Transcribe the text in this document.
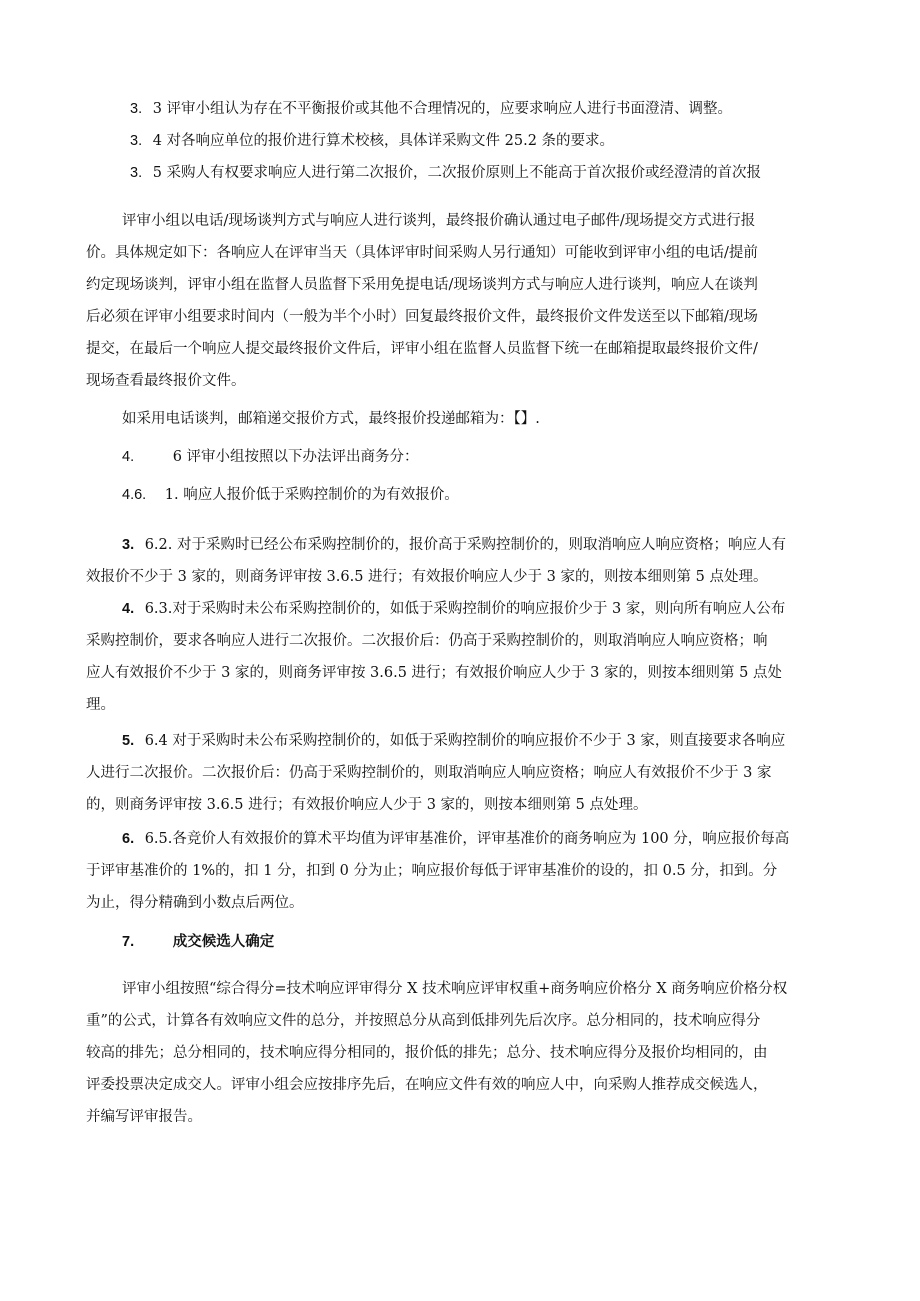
3. 3 评审小组认为存在不平衡报价或其他不合理情况的，应要求响应人进行书面澄清、调整。
3. 4 对各响应单位的报价进行算术校核，具体详采购文件 25.2 条的要求。
3. 5 采购人有权要求响应人进行第二次报价，二次报价原则上不能高于首次报价或经澄清的首次报
评审小组以电话/现场谈判方式与响应人进行谈判，最终报价确认通过电子邮件/现场提交方式进行报
价。具体规定如下：各响应人在评审当天（具体评审时间采购人另行通知）可能收到评审小组的电话/提前
约定现场谈判，评审小组在监督人员监督下采用免提电话/现场谈判方式与响应人进行谈判，响应人在谈判
后必须在评审小组要求时间内（一般为半个小时）回复最终报价文件，最终报价文件发送至以下邮箱/现场
提交，在最后一个响应人提交最终报价文件后，评审小组在监督人员监督下统一在邮箱提取最终报价文件/
现场查看最终报价文件。
如采用电话谈判，邮箱递交报价方式，最终报价投递邮箱为：【】.
4.	6 评审小组按照以下办法评出商务分：
4.6. 1. 响应人报价低于采购控制价的为有效报价。
3. 6.2. 对于采购时已经公布采购控制价的，报价高于采购控制价的，则取消响应人响应资格；响应人有
效报价不少于 3 家的，则商务评审按 3.6.5 进行；有效报价响应人少于 3 家的，则按本细则第 5 点处理。
4. 6.3.对于采购时未公布采购控制价的，如低于采购控制价的响应报价少于 3 家，则向所有响应人公布
采购控制价，要求各响应人进行二次报价。二次报价后：仍高于采购控制价的，则取消响应人响应资格；响
应人有效报价不少于 3 家的，则商务评审按 3.6.5 进行；有效报价响应人少于 3 家的，则按本细则第 5 点处
理。
5. 6.4 对于采购时未公布采购控制价的，如低于采购控制价的响应报价不少于 3 家，则直接要求各响应
人进行二次报价。二次报价后：仍高于采购控制价的，则取消响应人响应资格；响应人有效报价不少于 3 家
的，则商务评审按 3.6.5 进行；有效报价响应人少于 3 家的，则按本细则第 5 点处理。
6. 6.5.各竞价人有效报价的算术平均值为评审基准价，评审基准价的商务响应为 100 分，响应报价每高
于评审基准价的 1%的，扣 1 分，扣到 0 分为止；响应报价每低于评审基准价的设的，扣 0.5 分，扣到。分
为止，得分精确到小数点后两位。
7.	成交候选人确定
评审小组按照“综合得分=技术响应评审得分 X 技术响应评审权重+商务响应价格分 X 商务响应价格分权
重”的公式，计算各有效响应文件的总分，并按照总分从高到低排列先后次序。总分相同的，技术响应得分
较高的排先；总分相同的，技术响应得分相同的，报价低的排先；总分、技术响应得分及报价均相同的，由
评委投票决定成交人。评审小组会应按排序先后，在响应文件有效的响应人中，向采购人推荐成交候选人，
并编写评审报告。
